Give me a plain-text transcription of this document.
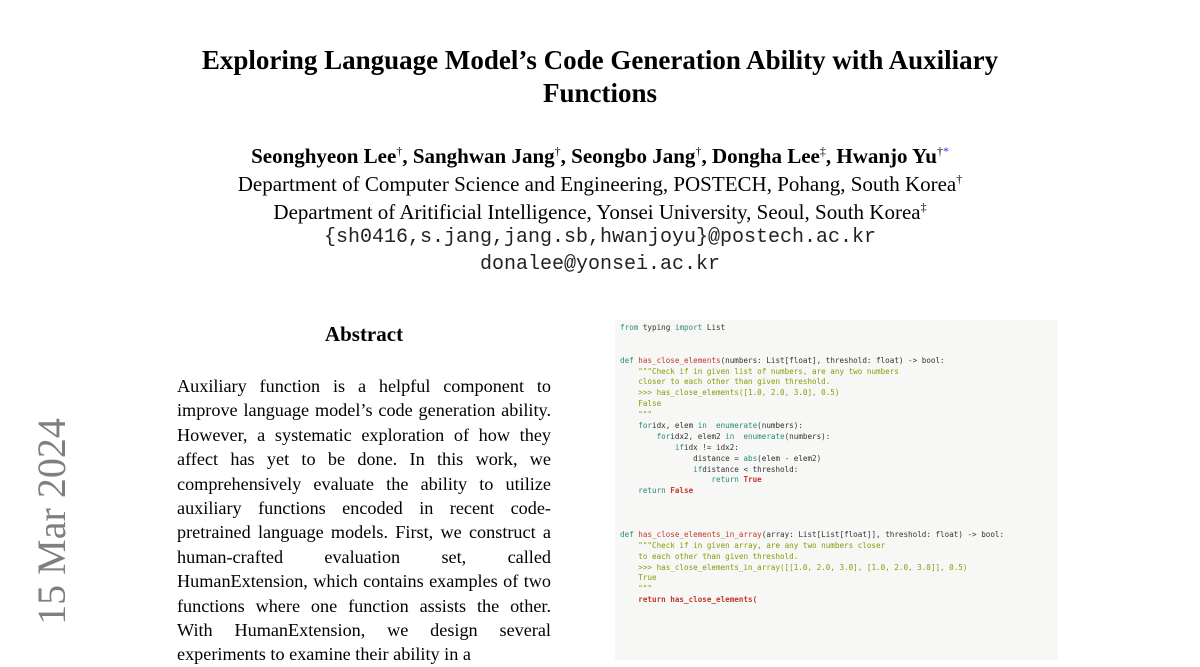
15 Mar 2024
Exploring Language Model’s Code Generation Ability with Auxiliary
Functions
Seonghyeon Lee†, Sanghwan Jang†, Seongbo Jang†, Dongha Lee‡, Hwanjo Yu†*
Department of Computer Science and Engineering, POSTECH, Pohang, South Korea†
Department of Aritificial Intelligence, Yonsei University, Seoul, South Korea‡
{sh0416,s.jang,jang.sb,hwanjoyu}@postech.ac.kr
donalee@yonsei.ac.kr
Abstract
Auxiliary function is a helpful component to improve language model’s code generation ability. However, a systematic exploration of how they affect has yet to be done. In this work, we comprehensively evaluate the ability to utilize auxiliary functions encoded in recent code-pretrained language models. First, we construct a human-crafted evaluation set, called HumanExtension, which contains examples of two functions where one function assists the other. With HumanExtension, we design several experiments to examine their ability in a
from typing import List
def has_close_elements(numbers: List[float], threshold: float) -> bool:
"""Check if in given list of numbers, are any two numbers
closer to each other than given threshold.
>>> has_close_elements([1.0, 2.0, 3.0], 0.5)
False
"""
foridx, elem in  enumerate(numbers):
foridx2, elem2 in  enumerate(numbers):
ifidx != idx2:
distance = abs(elem - elem2)
ifdistance < threshold:
return True
return False
def has_close_elements_in_array(array: List[List[float]], threshold: float) -> bool:
"""Check if in given array, are any two numbers closer
to each other than given threshold.
>>> has_close_elements_in_array([[1.0, 2.0, 3.0], [1.0, 2.0, 3.0]], 0.5)
True
"""
return has_close_elements(
